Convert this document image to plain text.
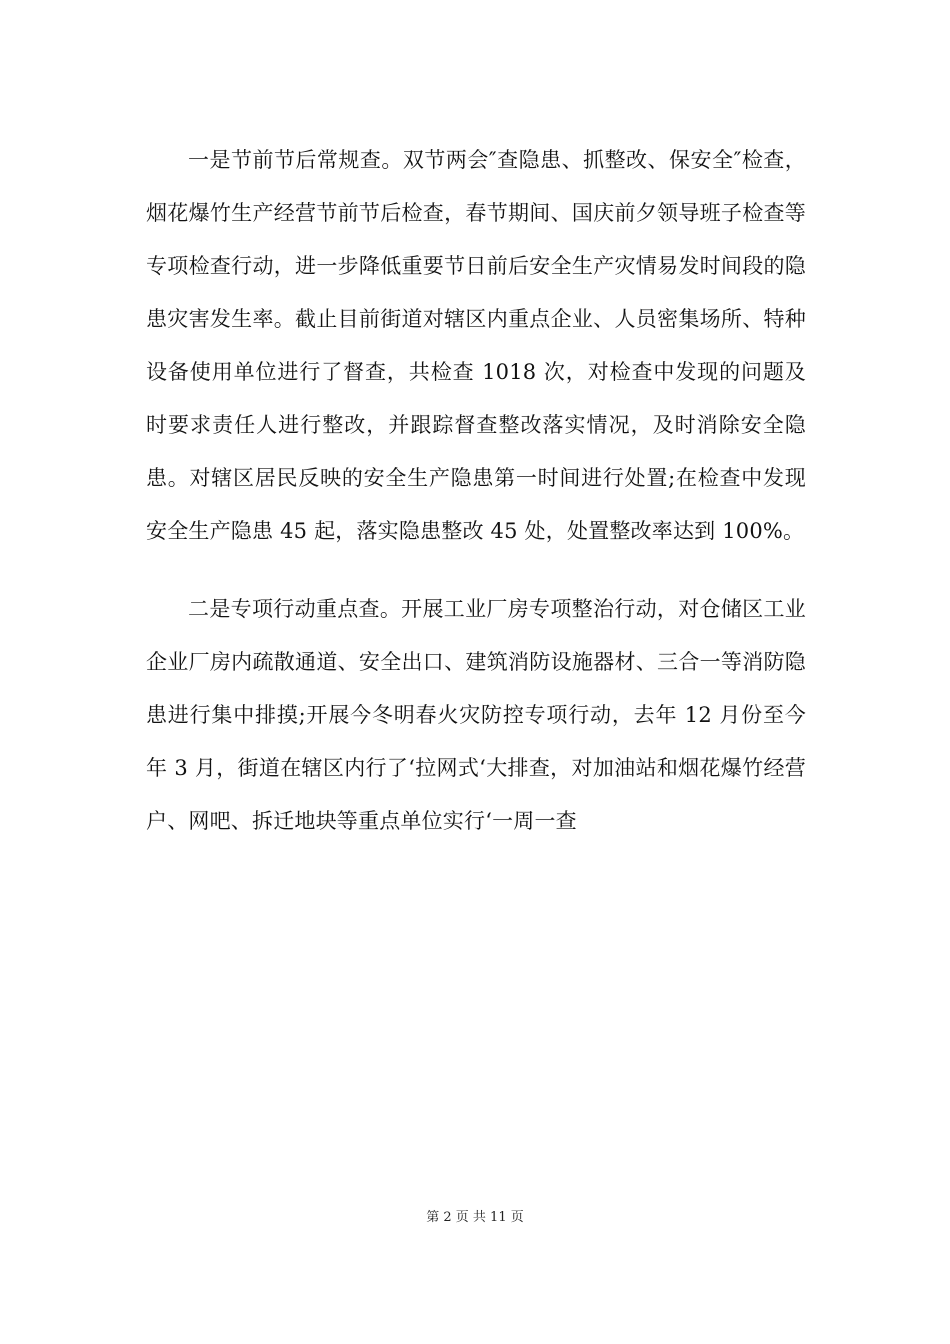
一是节前节后常规查。双节两会″查隐患、抓整改、保安全″检查，烟花爆竹生产经营节前节后检查，春节期间、国庆前夕领导班子检查等专项检查行动，进一步降低重要节日前后安全生产灾情易发时间段的隐患灾害发生率。截止目前街道对辖区内重点企业、人员密集场所、特种设备使用单位进行了督查，共检查 1018 次，对检查中发现的问题及时要求责任人进行整改，并跟踪督查整改落实情况，及时消除安全隐患。对辖区居民反映的安全生产隐患第一时间进行处置;在检查中发现安全生产隐患 45 起，落实隐患整改 45 处，处置整改率达到 100%。

二是专项行动重点查。开展工业厂房专项整治行动，对仓储区工业企业厂房内疏散通道、安全出口、建筑消防设施器材、三合一等消防隐患进行集中排摸;开展今冬明春火灾防控专项行动，去年 12 月份至今年 3 月，街道在辖区内行了‘拉网式‘大排查，对加油站和烟花爆竹经营户、网吧、拆迁地块等重点单位实行‘一周一查

第 2 页 共 11 页
